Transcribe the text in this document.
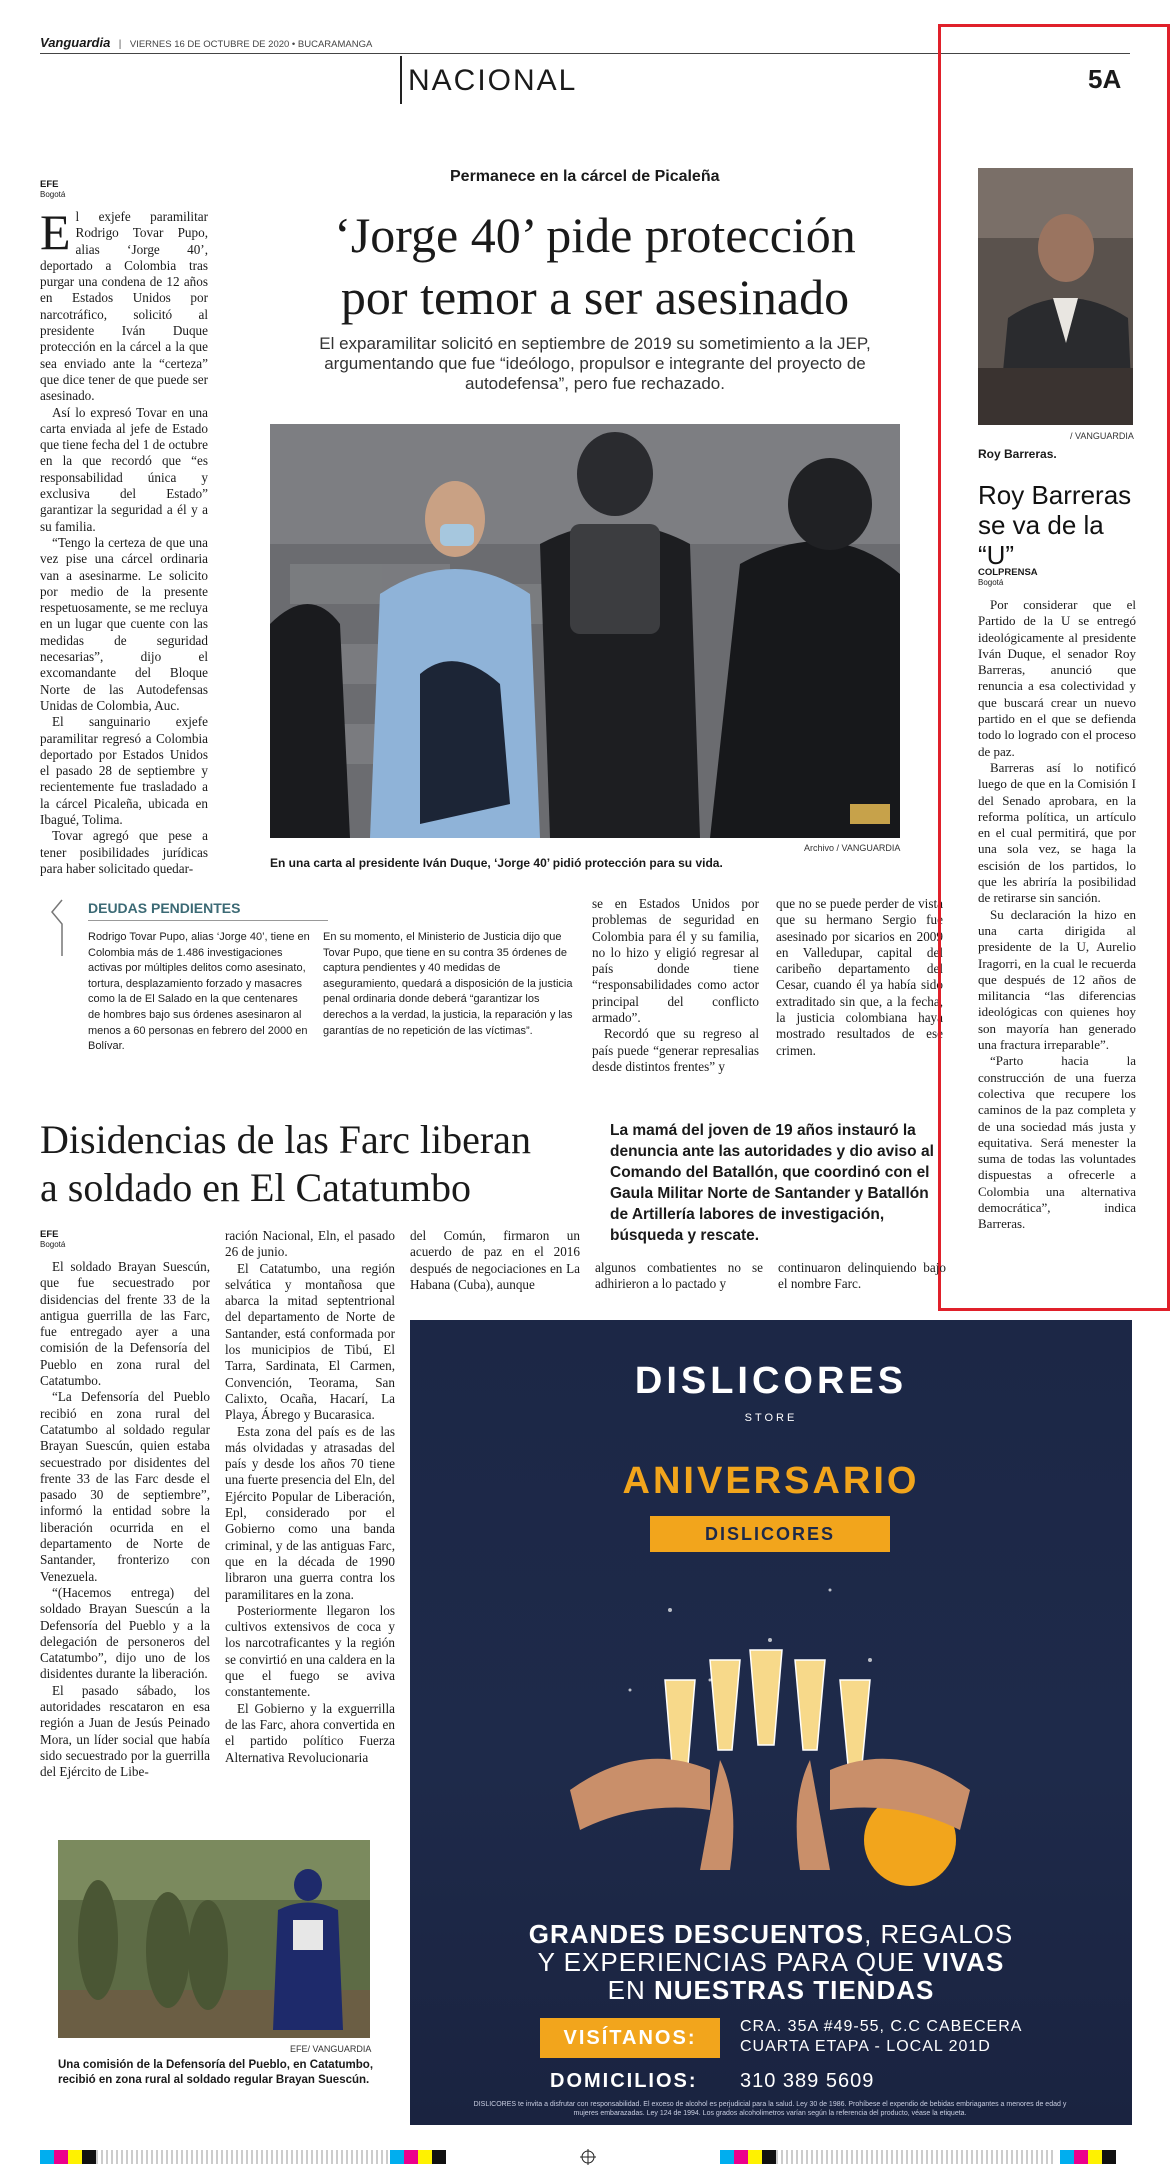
Vanguardia | VIERNES 16 DE OCTUBRE DE 2020 • BUCARAMANGA
NACIONAL	5A
Permanece en la cárcel de Picaleña
‘Jorge 40’ pide protección
por temor a ser asesinado
El exparamilitar solicitó en septiembre de 2019 su sometimiento a la JEP, argumentando que fue “ideólogo, propulsor e integrante del proyecto de autodefensa”, pero fue rechazado.
EFE
Bogotá

El exjefe paramilitar Rodrigo Tovar Pupo, alias ‘Jorge 40’, deportado a Colombia tras purgar una condena de 12 años en Estados Unidos por narcotráfico, solicitó al presidente Iván Duque protección en la cárcel a la que sea enviado ante la “certeza” que dice tener de que puede ser asesinado.

Así lo expresó Tovar en una carta enviada al jefe de Estado que tiene fecha del 1 de octubre en la que recordó que “es responsabilidad única y exclusiva del Estado” garantizar la seguridad a él y a su familia.

“Tengo la certeza de que una vez pise una cárcel ordinaria van a asesinarme. Le solicito por medio de la presente respetuosamente, se me recluya en un lugar que cuente con las medidas de seguridad necesarias”, dijo el excomandante del Bloque Norte de las Autodefensas Unidas de Colombia, Auc.

El sanguinario exjefe paramilitar regresó a Colombia deportado por Estados Unidos el pasado 28 de septiembre y recientemente fue trasladado a la cárcel Picaleña, ubicada en Ibagué, Tolima.

Tovar agregó que pese a tener posibilidades jurídicas para haber solicitado quedar-

Archivo / VANGUARDIA
En una carta al presidente Iván Duque, ‘Jorge 40’ pidió protección para su vida.
DEUDAS PENDIENTES
Rodrigo Tovar Pupo, alias ‘Jorge 40’, tiene en Colombia más de 1.486 investigaciones activas por múltiples delitos como asesinato, tortura, desplazamiento forzado y masacres como la de El Salado en la que centenares de hombres bajo sus órdenes asesinaron al menos a 60 personas en febrero del 2000 en Bolívar.
En su momento, el Ministerio de Justicia dijo que Tovar Pupo, que tiene en su contra 35 órdenes de captura pendientes y 40 medidas de aseguramiento, quedará a disposición de la justicia penal ordinaria donde deberá “garantizar los derechos a la verdad, la justicia, la reparación y las garantías de no repetición de las víctimas”.

se en Estados Unidos por problemas de seguridad en Colombia para él y su familia, no lo hizo y eligió regresar al país donde tiene “responsabilidades como actor principal del conflicto armado”.

Recordó que su regreso al país puede “generar represalias desde distintos frentes” y

que no se puede perder de vista que su hermano Sergio fue asesinado por sicarios en 2009 en Valledupar, capital del caribeño departamento del Cesar, cuando él ya había sido extraditado sin que, a la fecha, la justicia colombiana haya mostrado resultados de ese crimen.

/ VANGUARDIA
Roy Barreras.
Roy Barreras
se va de la “U”
COLPRENSA
Bogotá

Por considerar que el Partido de la U se entregó ideológicamente al presidente Iván Duque, el senador Roy Barreras, anunció que renuncia a esa colectividad y que buscará crear un nuevo partido en el que se defienda todo lo logrado con el proceso de paz.

Barreras así lo notificó luego de que en la Comisión I del Senado aprobara, en la reforma política, un artículo en el cual permitirá, que por una sola vez, se haga la escisión de los partidos, lo que les abriría la posibilidad de retirarse sin sanción.

Su declaración la hizo en una carta dirigida al presidente de la U, Aurelio Iragorri, en la cual le recuerda que después de 12 años de militancia “las diferencias ideológicas con quienes hoy son mayoría han generado una fractura irreparable”.

“Parto hacia la construcción de una fuerza colectiva que recupere los caminos de la paz completa y de una sociedad más justa y equitativa. Será menester la suma de todas las voluntades dispuestas a ofrecerle a Colombia una alternativa democrática”, indica Barreras.

Disidencias de las Farc liberan
a soldado en El Catatumbo
La mamá del joven de 19 años instauró la denuncia ante las autoridades y dio aviso al Comando del Batallón, que coordinó con el Gaula Militar Norte de Santander y Batallón de Artillería labores de investigación, búsqueda y rescate.
EFE
Bogotá

El soldado Brayan Suescún, que fue secuestrado por disidencias del frente 33 de la antigua guerrilla de las Farc, fue entregado ayer a una comisión de la Defensoría del Pueblo en zona rural del Catatumbo.

“La Defensoría del Pueblo recibió en zona rural del Catatumbo al soldado regular Brayan Suescún, quien estaba secuestrado por disidentes del frente 33 de las Farc desde el pasado 30 de septiembre”, informó la entidad sobre la liberación ocurrida en el departamento de Norte de Santander, fronterizo con Venezuela.

“(Hacemos entrega) del soldado Brayan Suescún a la Defensoría del Pueblo y a la delegación de personeros del Catatumbo”, dijo uno de los disidentes durante la liberación.

El pasado sábado, los autoridades rescataron en esa región a Juan de Jesús Peinado Mora, un líder social que había sido secuestrado por la guerrilla del Ejército de Libe-

ración Nacional, Eln, el pasado 26 de junio.

El Catatumbo, una región selvática y montañosa que abarca la mitad septentrional del departamento de Norte de Santander, está conformada por los municipios de Tibú, El Tarra, Sardinata, El Carmen, Convención, Teorama, San Calixto, Ocaña, Hacarí, La Playa, Ábrego y Bucarasica.

Esta zona del país es de las más olvidadas y atrasadas del país y desde los años 70 tiene una fuerte presencia del Eln, del Ejército Popular de Liberación, Epl, considerado por el Gobierno como una banda criminal, y de las antiguas Farc, que en la década de 1990 libraron una guerra contra los paramilitares en la zona.

Posteriormente llegaron los cultivos extensivos de coca y los narcotraficantes y la región se convirtió en una caldera en la que el fuego se aviva constantemente.

El Gobierno y la exguerrilla de las Farc, ahora convertida en el partido político Fuerza Alternativa Revolucionaria

del Común, firmaron un acuerdo de paz en el 2016 después de negociaciones en La Habana (Cuba), aunque

algunos combatientes no se adhirieron a lo pactado y

continuaron delinquiendo bajo el nombre Farc.

EFE/ VANGUARDIA
Una comisión de la Defensoría del Pueblo, en Catatumbo, recibió en zona rural al soldado regular Brayan Suescún.
DISLICORES
STORE
ANIVERSARIO
DISLICORES
GRANDES DESCUENTOS, REGALOS
Y EXPERIENCIAS PARA QUE VIVAS
EN NUESTRAS TIENDAS
VISÍTANOS:
CRA. 35A #49-55, C.C CABECERA
CUARTA ETAPA - LOCAL 201D
DOMICILIOS: 310 389 5609
DISLICORES te invita a disfrutar con responsabilidad. El exceso de alcohol es perjudicial para la salud. Ley 30 de 1986. Prohíbese el expendio de bebidas embriagantes a menores de edad y mujeres embarazadas. Ley 124 de 1994. Los grados alcoholimetros varían según la referencia del producto, véase la etiqueta.
